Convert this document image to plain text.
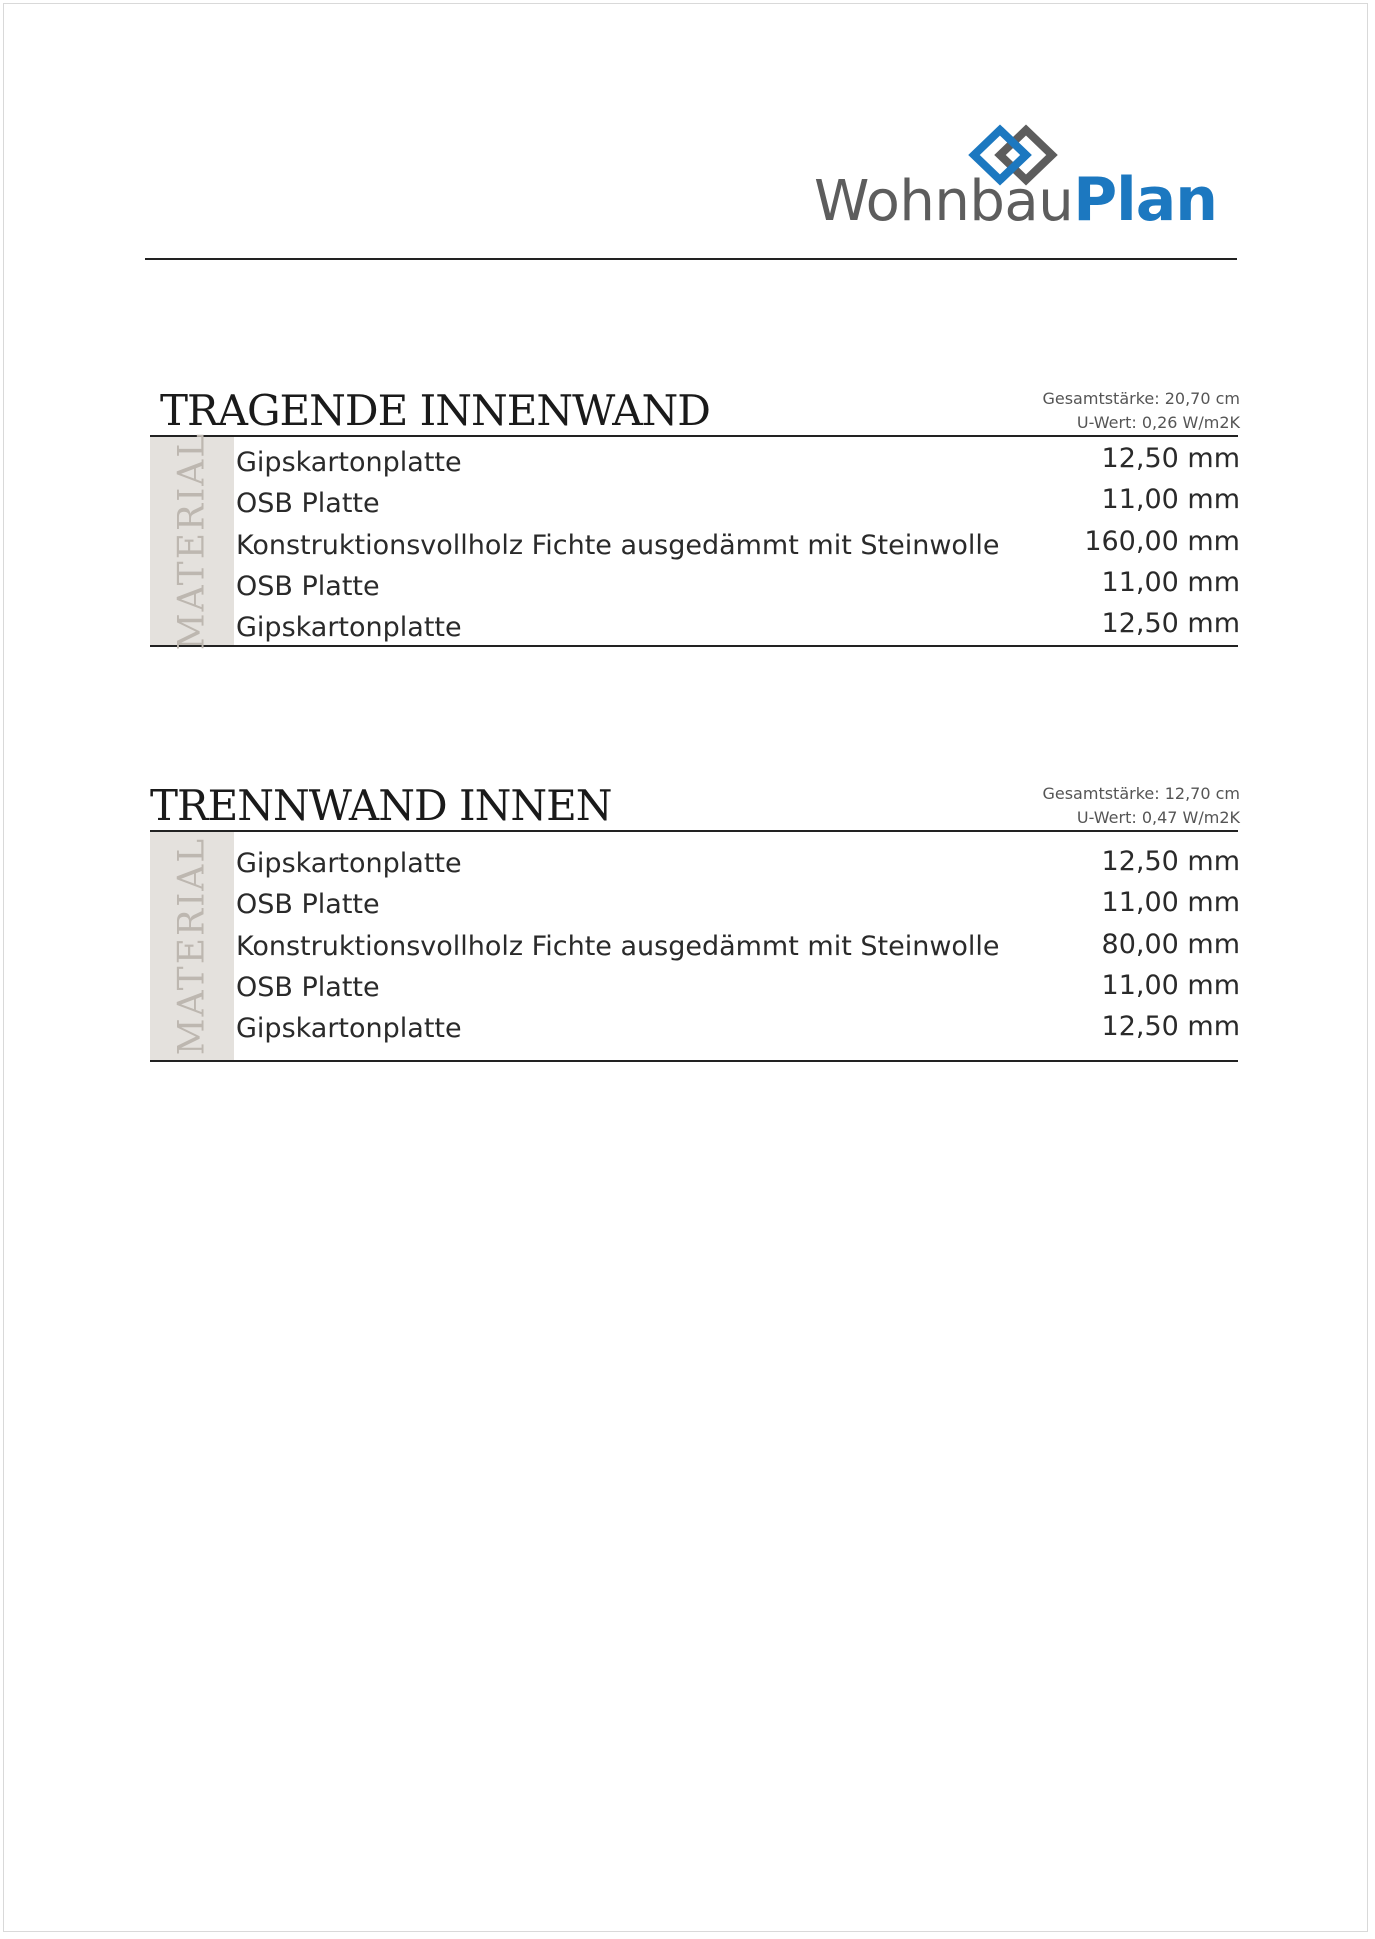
WohnbauPlan
TRAGENDE INNENWAND	Gesamtstärke: 20,70 cm
U-Wert: 0,26 W/m2K
MATERIAL Gipskartonplatte	12,50 mm
OSB Platte	11,00 mm
Konstruktionsvollholz Fichte ausgedämmt mit Steinwolle	160,00 mm
OSB Platte	11,00 mm
Gipskartonplatte	12,50 mm
TRENNWAND INNEN	Gesamtstärke: 12,70 cm
U-Wert: 0,47 W/m2K
MATERIAL Gipskartonplatte	12,50 mm
OSB Platte	11,00 mm
Konstruktionsvollholz Fichte ausgedämmt mit Steinwolle	80,00 mm
OSB Platte	11,00 mm
Gipskartonplatte	12,50 mm
